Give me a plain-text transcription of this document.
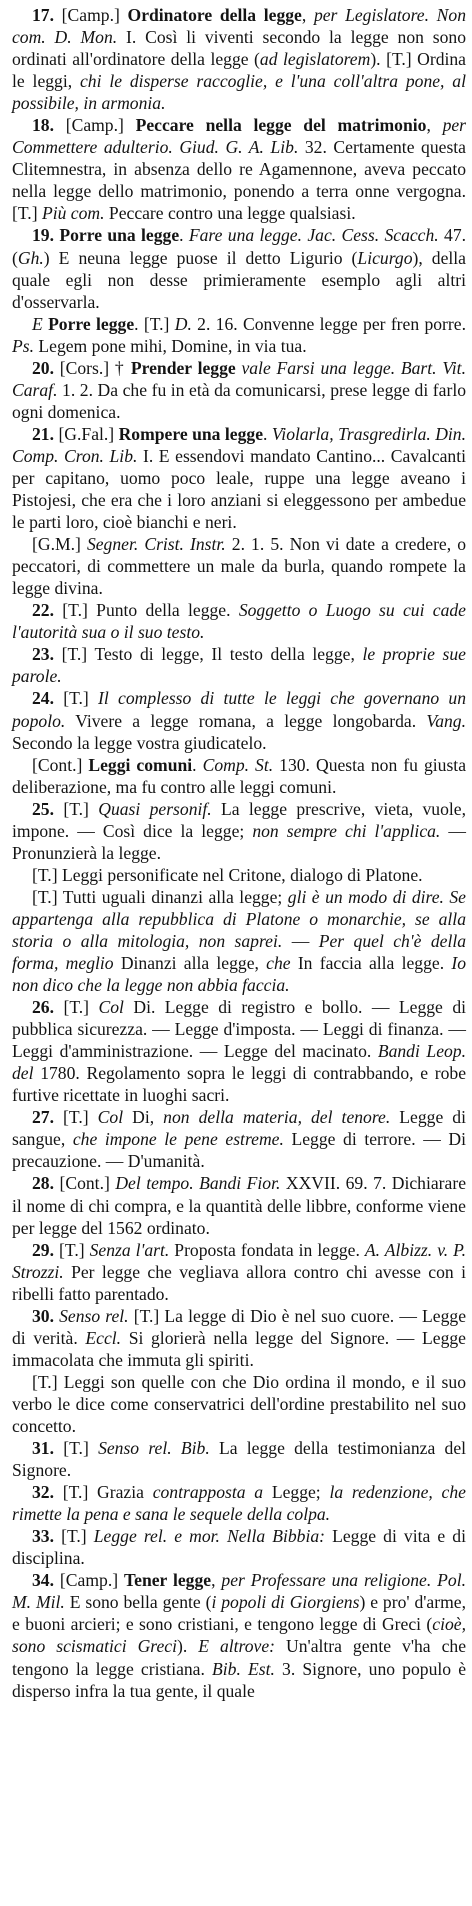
17. [Camp.] Ordinatore della legge, per Legislatore. Non com. D. Mon. I. Così li viventi secondo la legge non sono ordinati all'ordinatore della legge (ad legislatorem). [T.] Ordina le leggi, chi le disperse raccoglie, e l'una coll'altra pone, al possibile, in armonia.

18. [Camp.] Peccare nella legge del matrimonio, per Commettere adulterio. Giud. G. A. Lib. 32. Certamente questa Clitemnestra, in absenza dello re Agamennone, aveva peccato nella legge dello matrimonio, ponendo a terra onne vergogna. [T.] Più com. Peccare contro una legge qualsiasi.

19. Porre una legge. Fare una legge. Jac. Cess. Scacch. 47. (Gh.) E neuna legge puose il detto Ligurio (Licurgo), della quale egli non desse primieramente esemplo agli altri d'osservarla.

E Porre legge. [T.] D. 2. 16. Convenne legge per fren porre. Ps. Legem pone mihi, Domine, in via tua.

20. [Cors.] † Prender legge vale Farsi una legge. Bart. Vit. Caraf. 1. 2. Da che fu in età da comunicarsi, prese legge di farlo ogni domenica.

21. [G.Fal.] Rompere una legge. Violarla, Trasgredirla. Din. Comp. Cron. Lib. I. E essendovi mandato Cantino... Cavalcanti per capitano, uomo poco leale, ruppe una legge aveano i Pistojesi, che era che i loro anziani si eleggessono per ambedue le parti loro, cioè bianchi e neri.

[G.M.] Segner. Crist. Instr. 2. 1. 5. Non vi date a credere, o peccatori, di commettere un male da burla, quando rompete la legge divina.

22. [T.] Punto della legge. Soggetto o Luogo su cui cade l'autorità sua o il suo testo.

23. [T.] Testo di legge, Il testo della legge, le proprie sue parole.

24. [T.] Il complesso di tutte le leggi che governano un popolo. Vivere a legge romana, a legge longobarda. Vang. Secondo la legge vostra giudicatelo.

[Cont.] Leggi comuni. Comp. St. 130. Questa non fu giusta deliberazione, ma fu contro alle leggi comuni.

25. [T.] Quasi personif. La legge prescrive, vieta, vuole, impone. — Così dice la legge; non sempre chi l'applica. — Pronunzierà la legge.

[T.] Leggi personificate nel Critone, dialogo di Platone.

[T.] Tutti uguali dinanzi alla legge; gli è un modo di dire. Se appartenga alla repubblica di Platone o monarchie, se alla storia o alla mitologia, non saprei. — Per quel ch'è della forma, meglio Dinanzi alla legge, che In faccia alla legge. Io non dico che la legge non abbia faccia.

26. [T.] Col Di. Legge di registro e bollo. — Legge di pubblica sicurezza. — Legge d'imposta. — Leggi di finanza. — Leggi d'amministrazione. — Legge del macinato. Bandi Leop. del 1780. Regolamento sopra le leggi di contrabbando, e robe furtive ricettate in luoghi sacri.

27. [T.] Col Di, non della materia, del tenore. Legge di sangue, che impone le pene estreme. Legge di terrore. — Di precauzione. — D'umanità.

28. [Cont.] Del tempo. Bandi Fior. XXVII. 69. 7. Dichiarare il nome di chi compra, e la quantità delle libbre, conforme viene per legge del 1562 ordinato.

29. [T.] Senza l'art. Proposta fondata in legge. A. Albizz. v. P. Strozzi. Per legge che vegliava allora contro chi avesse con i ribelli fatto parentado.

30. Senso rel. [T.] La legge di Dio è nel suo cuore. — Legge di verità. Eccl. Si glorierà nella legge del Signore. — Legge immacolata che immuta gli spiriti.

[T.] Leggi son quelle con che Dio ordina il mondo, e il suo verbo le dice come conservatrici dell'ordine prestabilito nel suo concetto.

31. [T.] Senso rel. Bib. La legge della testimonianza del Signore.

32. [T.] Grazia contrapposta a Legge; la redenzione, che rimette la pena e sana le sequele della colpa.

33. [T.] Legge rel. e mor. Nella Bibbia: Legge di vita e di disciplina.

34. [Camp.] Tener legge, per Professare una religione. Pol. M. Mil. E sono bella gente (i popoli di Giorgiens) e pro' d'arme, e buoni arcieri; e sono cristiani, e tengono legge di Greci (cioè, sono scismatici Greci). E altrove: Un'altra gente v'ha che tengono la legge cristiana. Bib. Est. 3. Signore, uno populo è disperso infra la tua gente, il quale
